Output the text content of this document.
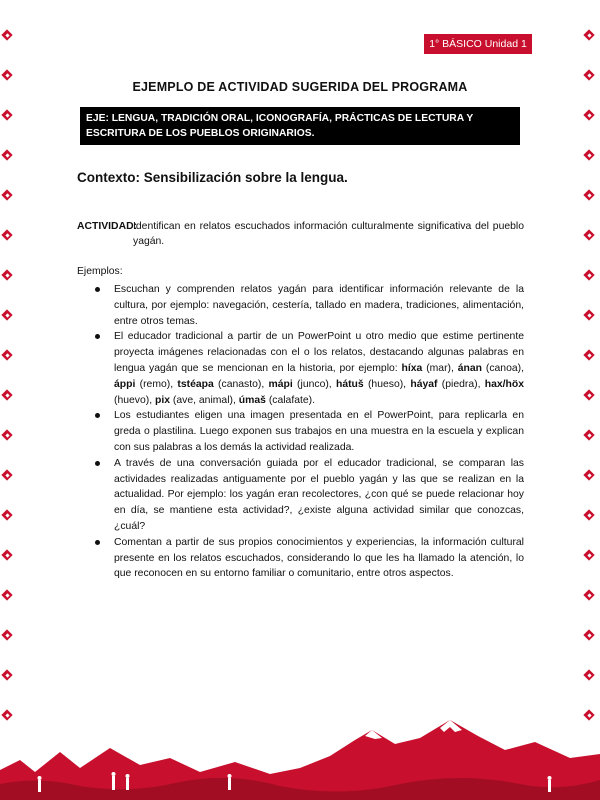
1° BÁSICO Unidad 1
EJEMPLO DE ACTIVIDAD SUGERIDA DEL PROGRAMA
EJE: LENGUA, TRADICIÓN ORAL, ICONOGRAFÍA, PRÁCTICAS DE LECTURA Y ESCRITURA DE LOS PUEBLOS ORIGINARIOS.
Contexto: Sensibilización sobre la lengua.
ACTIVIDAD:
Identifican en relatos escuchados información culturalmente significativa del pueblo yagán.
Ejemplos:
Escuchan y comprenden relatos yagán para identificar información relevante de la cultura, por ejemplo: navegación, cestería, tallado en madera, tradiciones, alimentación, entre otros temas.
El educador tradicional a partir de un PowerPoint u otro medio que estime pertinente proyecta imágenes relacionadas con el o los relatos, destacando algunas palabras en lengua yagán que se mencionan en la historia, por ejemplo: híxa (mar), ánan (canoa), áppi (remo), tstéapa (canasto), mápi (junco), hátuš (hueso), háyaf (piedra), hax/höx (huevo), pix (ave, animal), úmaš (calafate).
Los estudiantes eligen una imagen presentada en el PowerPoint, para replicarla en greda o plastilina. Luego exponen sus trabajos en una muestra en la escuela y explican con sus palabras a los demás la actividad realizada.
A través de una conversación guiada por el educador tradicional, se comparan las actividades realizadas antiguamente por el pueblo yagán y las que se realizan en la actualidad. Por ejemplo: los yagán eran recolectores, ¿con qué se puede relacionar hoy en día, se mantiene esta actividad?, ¿existe alguna actividad similar que conozcas, ¿cuál?
Comentan a partir de sus propios conocimientos y experiencias, la información cultural presente en los relatos escuchados, considerando lo que les ha llamado la atención, lo que reconocen en su entorno familiar o comunitario, entre otros aspectos.
